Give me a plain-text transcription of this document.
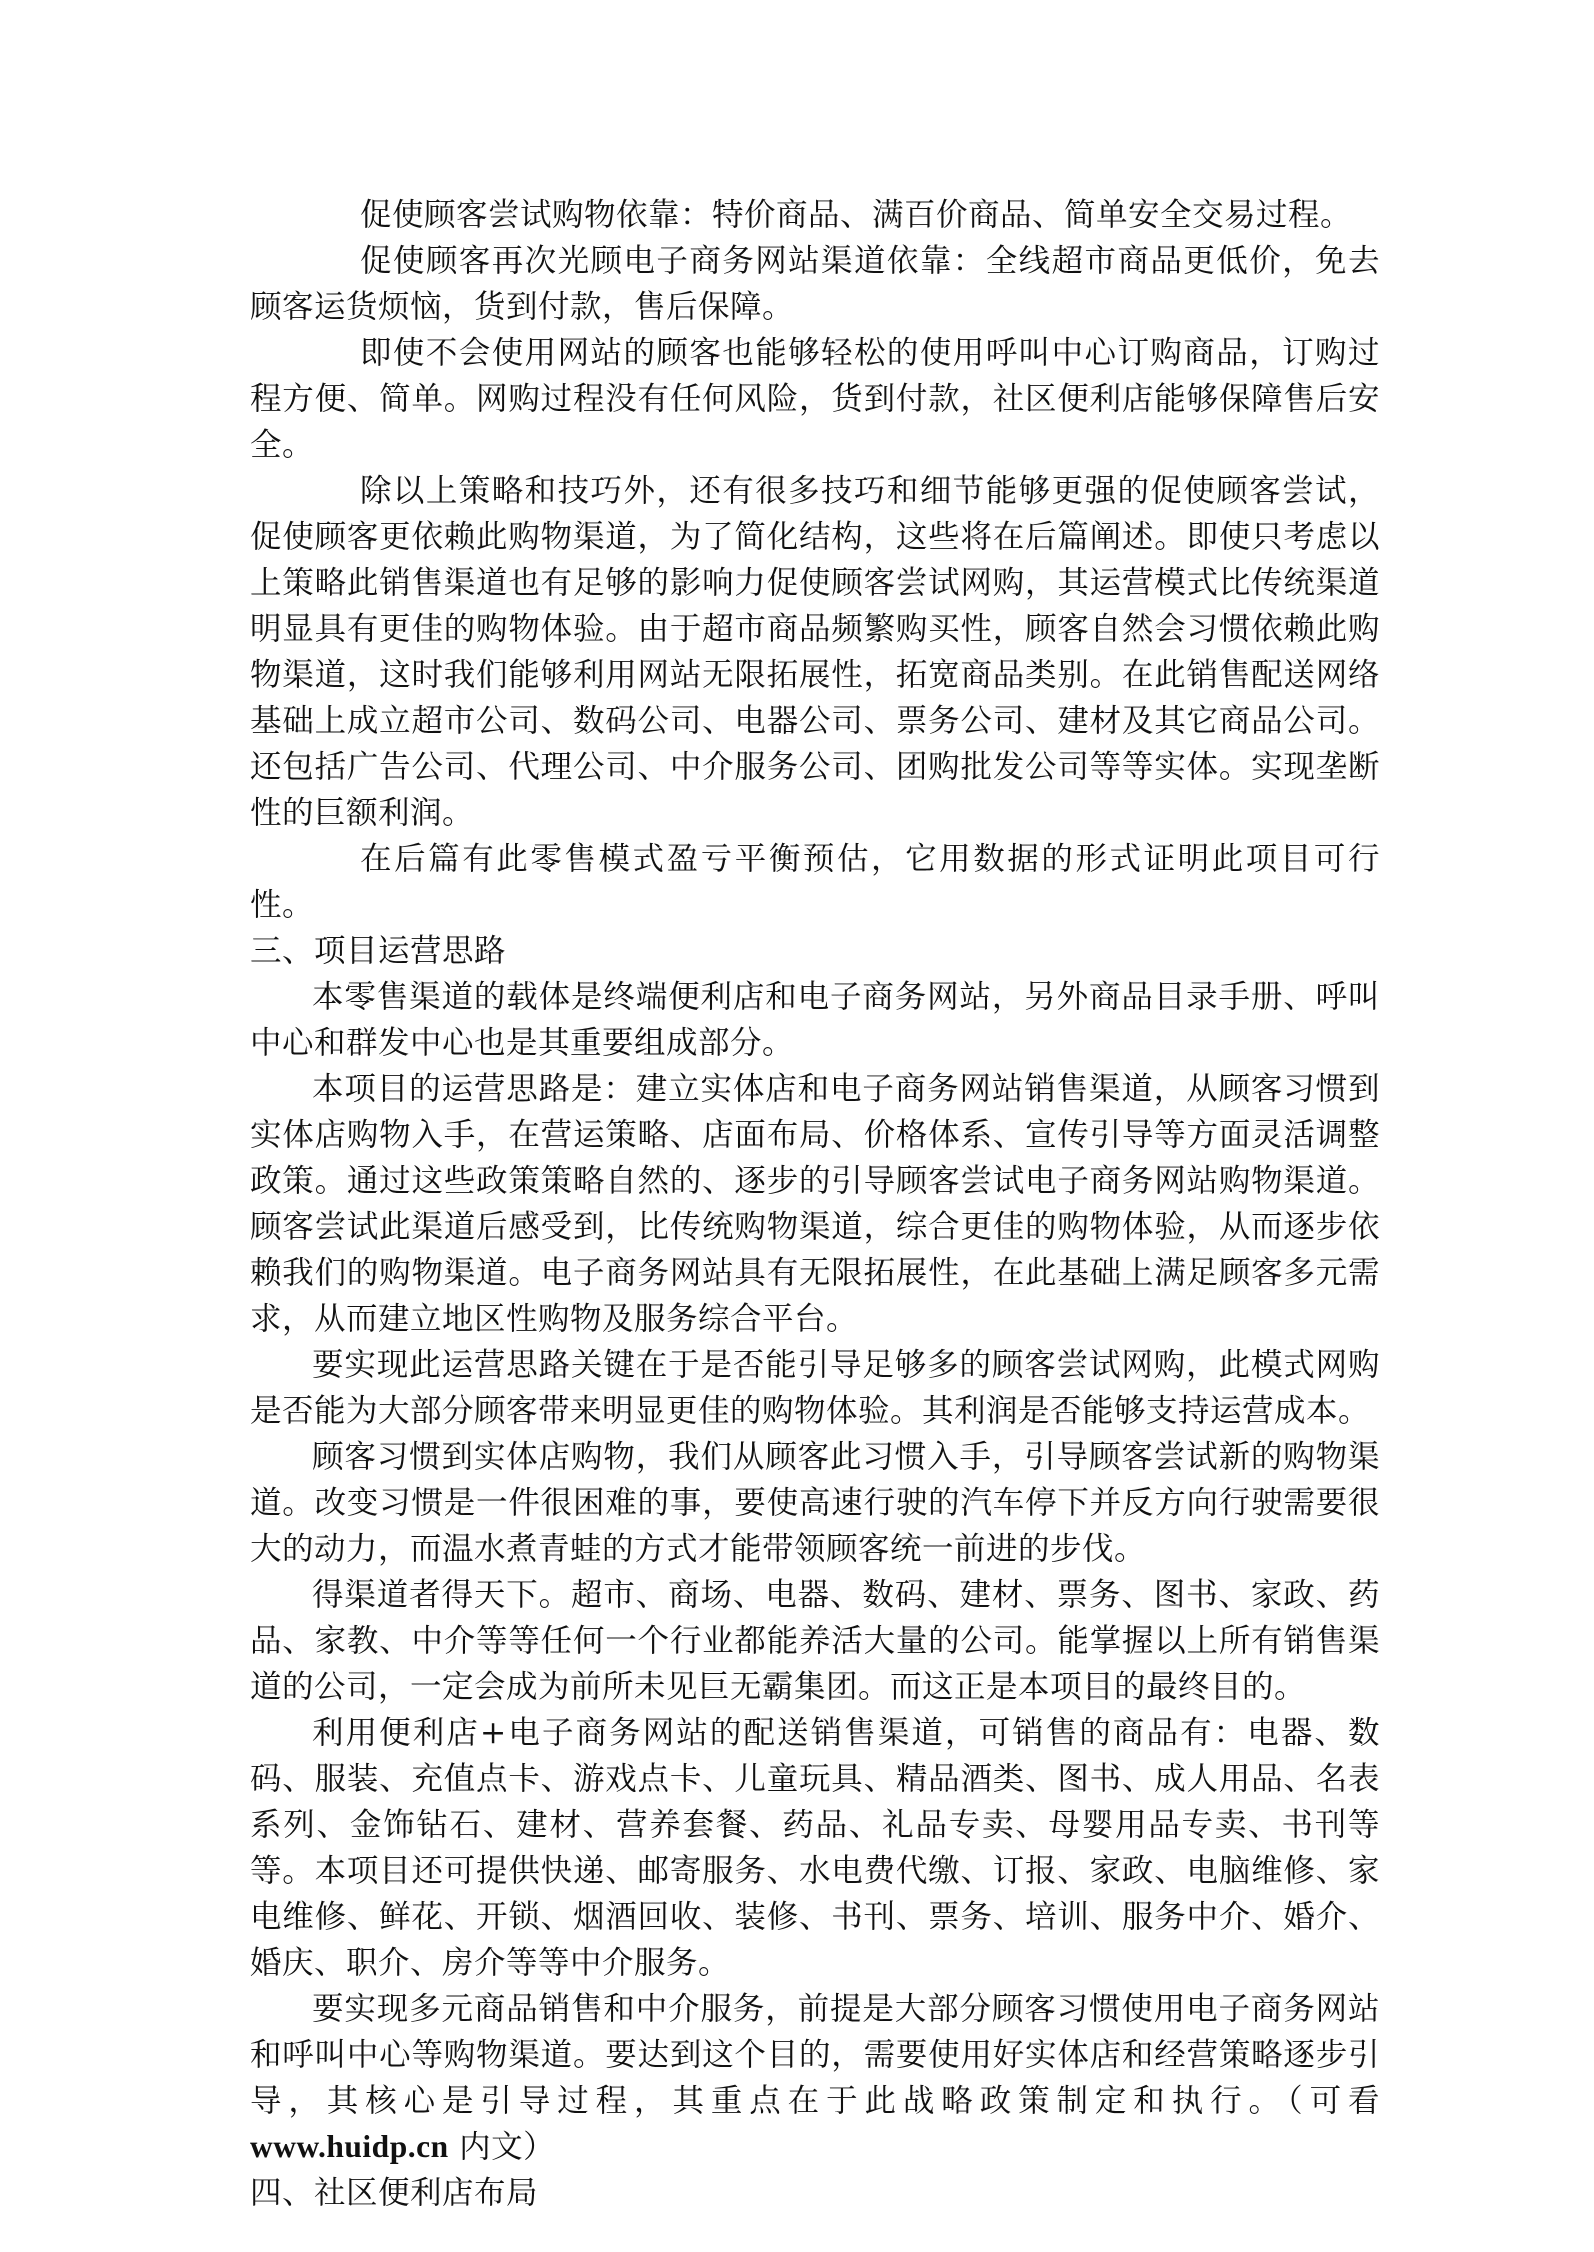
促使顾客尝试购物依靠：特价商品、满百价商品、简单安全交易过程。

促使顾客再次光顾电子商务网站渠道依靠：全线超市商品更低价，免去顾客运货烦恼，货到付款，售后保障。

即使不会使用网站的顾客也能够轻松的使用呼叫中心订购商品，订购过程方便、简单。网购过程没有任何风险，货到付款，社区便利店能够保障售后安全。

除以上策略和技巧外，还有很多技巧和细节能够更强的促使顾客尝试，促使顾客更依赖此购物渠道，为了简化结构，这些将在后篇阐述。即使只考虑以上策略此销售渠道也有足够的影响力促使顾客尝试网购，其运营模式比传统渠道明显具有更佳的购物体验。由于超市商品频繁购买性，顾客自然会习惯依赖此购物渠道，这时我们能够利用网站无限拓展性，拓宽商品类别。在此销售配送网络基础上成立超市公司、数码公司、电器公司、票务公司、建材及其它商品公司。还包括广告公司、代理公司、中介服务公司、团购批发公司等等实体。实现垄断性的巨额利润。

在后篇有此零售模式盈亏平衡预估，它用数据的形式证明此项目可行性。

三、项目运营思路

本零售渠道的载体是终端便利店和电子商务网站，另外商品目录手册、呼叫中心和群发中心也是其重要组成部分。

本项目的运营思路是：建立实体店和电子商务网站销售渠道，从顾客习惯到实体店购物入手，在营运策略、店面布局、价格体系、宣传引导等方面灵活调整政策。通过这些政策策略自然的、逐步的引导顾客尝试电子商务网站购物渠道。顾客尝试此渠道后感受到，比传统购物渠道，综合更佳的购物体验，从而逐步依赖我们的购物渠道。电子商务网站具有无限拓展性，在此基础上满足顾客多元需求，从而建立地区性购物及服务综合平台。

要实现此运营思路关键在于是否能引导足够多的顾客尝试网购，此模式网购是否能为大部分顾客带来明显更佳的购物体验。其利润是否能够支持运营成本。

顾客习惯到实体店购物，我们从顾客此习惯入手，引导顾客尝试新的购物渠道。改变习惯是一件很困难的事，要使高速行驶的汽车停下并反方向行驶需要很大的动力，而温水煮青蛙的方式才能带领顾客统一前进的步伐。

得渠道者得天下。超市、商场、电器、数码、建材、票务、图书、家政、药品、家教、中介等等任何一个行业都能养活大量的公司。能掌握以上所有销售渠道的公司，一定会成为前所未见巨无霸集团。而这正是本项目的最终目的。

利用便利店+电子商务网站的配送销售渠道，可销售的商品有：电器、数码、服装、充值点卡、游戏点卡、儿童玩具、精品酒类、图书、成人用品、名表系列、金饰钻石、建材、营养套餐、药品、礼品专卖、母婴用品专卖、书刊等等。本项目还可提供快递、邮寄服务、水电费代缴、订报、家政、电脑维修、家电维修、鲜花、开锁、烟酒回收、装修、书刊、票务、培训、服务中介、婚介、婚庆、职介、房介等等中介服务。

要实现多元商品销售和中介服务，前提是大部分顾客习惯使用电子商务网站和呼叫中心等购物渠道。要达到这个目的，需要使用好实体店和经营策略逐步引导，其核心是引导过程，其重点在于此战略政策制定和执行。（可看www.huidp.cn 内文）

四、社区便利店布局
